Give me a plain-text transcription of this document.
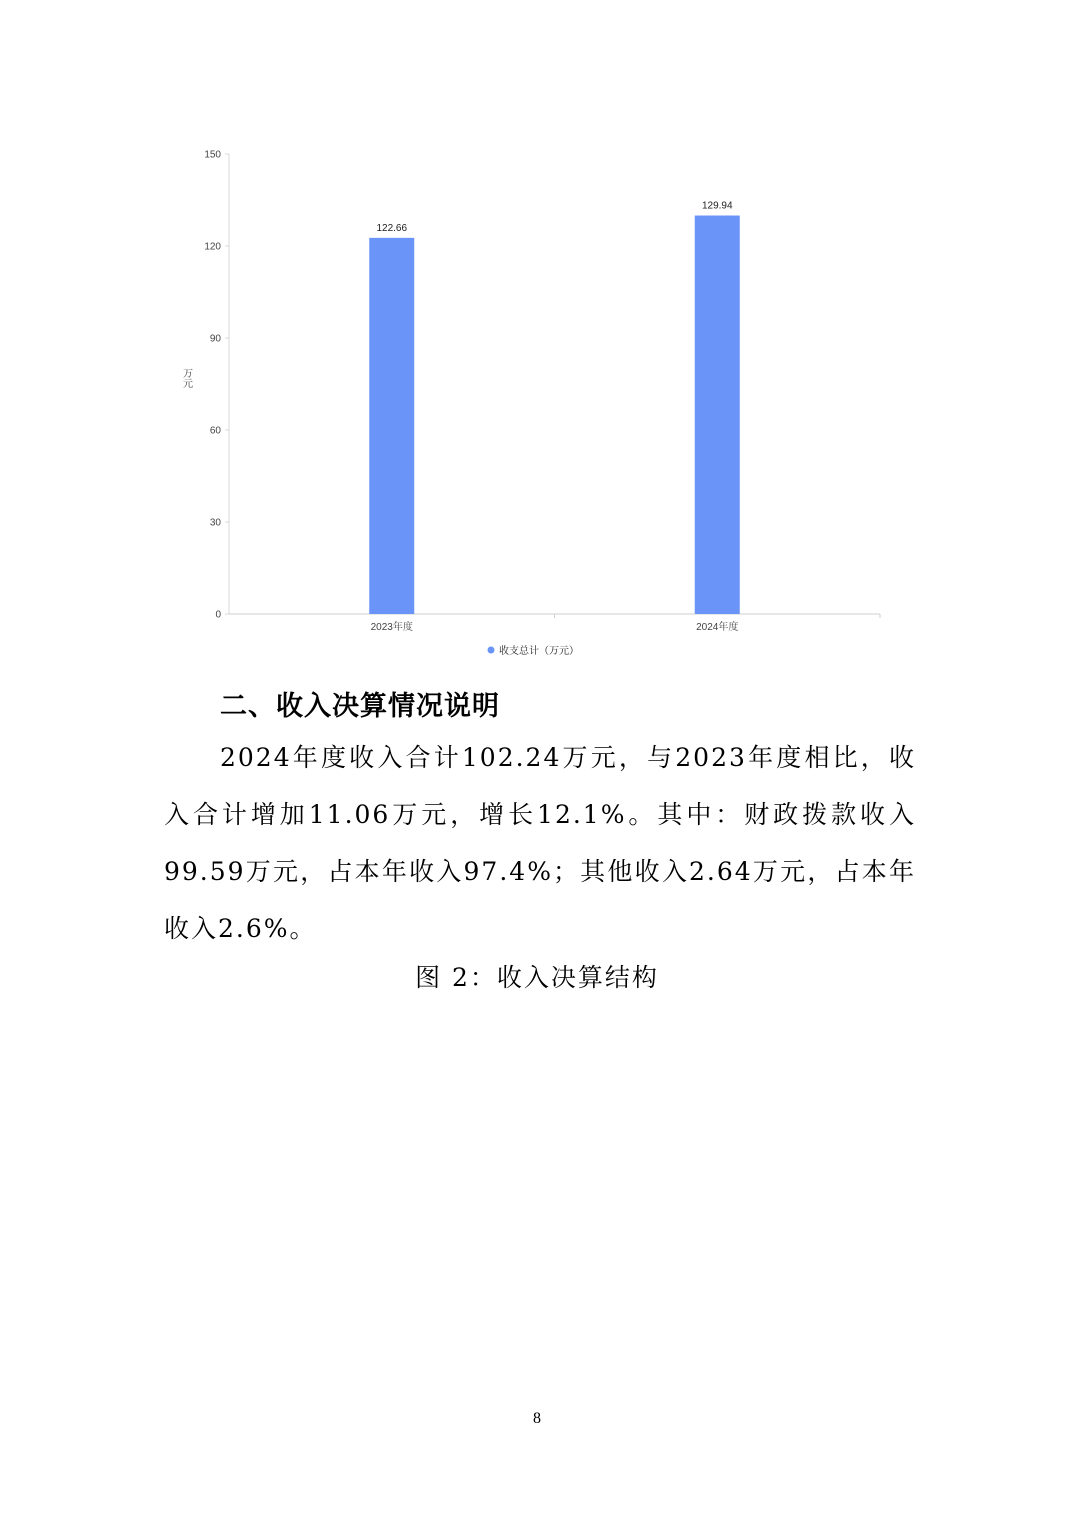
0
30
60
90
120
150
万元
122.66
129.94
2023年度	2024年度
收支总计（万元）
二、收入决算情况说明

2024年度收入合计102.24万元，与2023年度相比，收入合计增加11.06万元，增长12.1%。其中：财政拨款收入99.59万元，占本年收入97.4%；其他收入2.64万元，占本年收入2.6%。

图 2：收入决算结构
8
